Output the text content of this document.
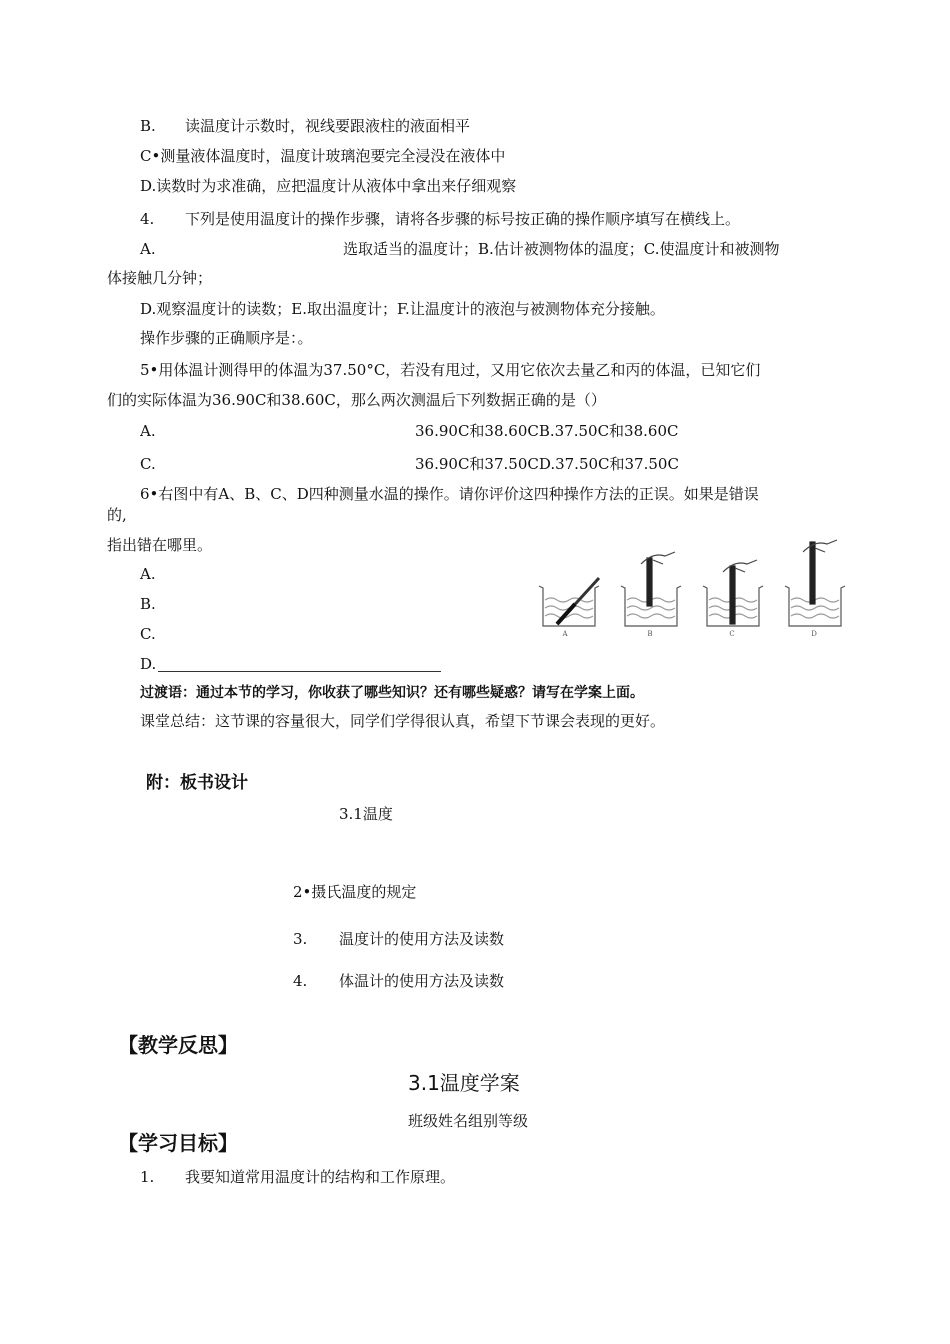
B. 读温度计示数时，视线要跟液柱的液面相平
C•测量液体温度时，温度计玻璃泡要完全浸没在液体中
D.读数时为求准确，应把温度计从液体中拿出来仔细观察
4. 下列是使用温度计的操作步骤，请将各步骤的标号按正确的操作顺序填写在横线上。
A.	选取适当的温度计；B.估计被测物体的温度；C.使温度计和被测物
体接触几分钟；
D.观察温度计的读数；E.取出温度计；F.让温度计的液泡与被测物体充分接触。
操作步骤的正确顺序是：。
5•用体温计测得甲的体温为37.50°C，若没有甩过，又用它依次去量乙和丙的体温，已知它们
们的实际体温为36.90C和38.60C，那么两次测温后下列数据正确的是（）
A.	36.90C和38.60CB.37.50C和38.60C
C.	36.90C和37.50CD.37.50C和37.50C
6•右图中有A、B、C、D四种测量水温的操作。请你评价这四种操作方法的正误。如果是错误
的,
指出错在哪里。
A.
B.
C.
D.
A	B	C	D
过渡语：通过本节的学习，你收获了哪些知识？还有哪些疑惑？请写在学案上面。
课堂总结：这节课的容量很大，同学们学得很认真，希望下节课会表现的更好。
附：板书设计
3.1温度
2•摄氏温度的规定
3. 温度计的使用方法及读数
4. 体温计的使用方法及读数
【教学反思】
3.1温度学案
班级姓名组别等级
【学习目标】
1. 我要知道常用温度计的结构和工作原理。
